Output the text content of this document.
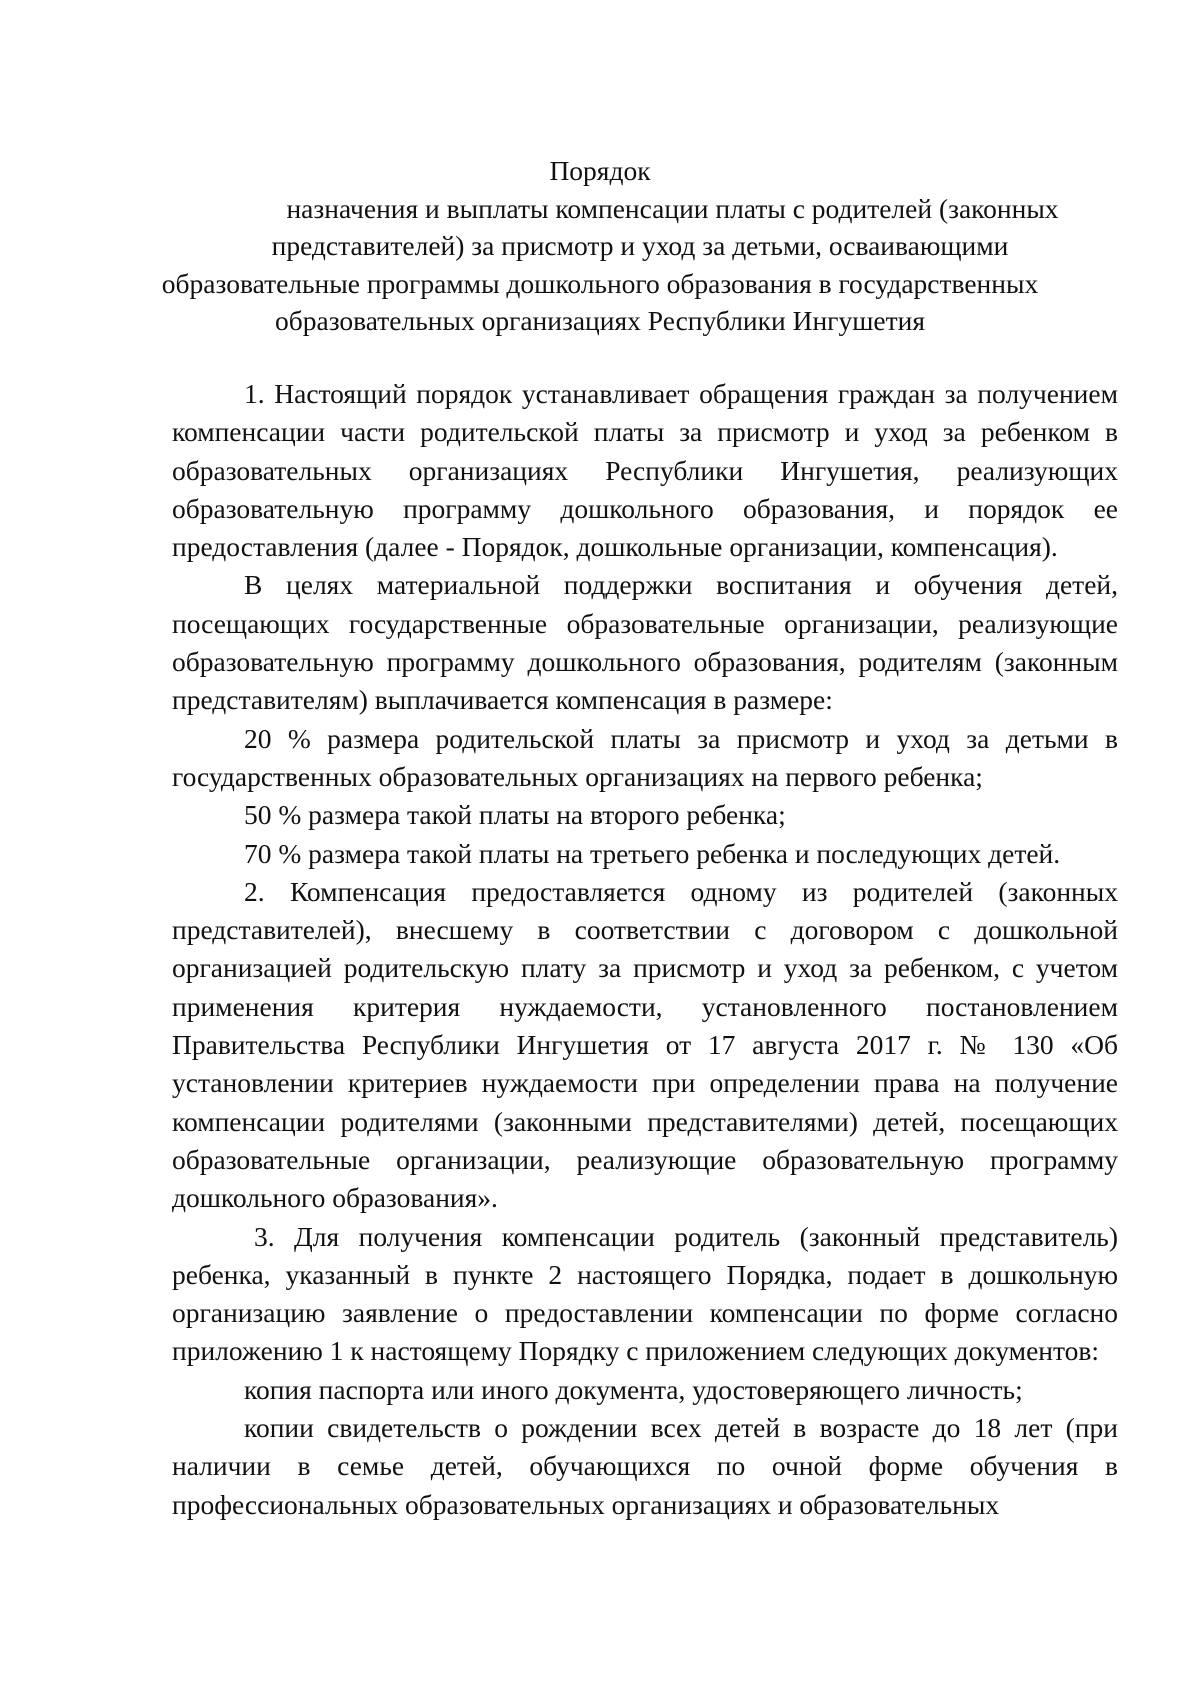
Порядок
назначения и выплаты компенсации платы с родителей (законных
представителей) за присмотр и уход за детьми, осваивающими
образовательные программы дошкольного образования в государственных
образовательных организациях Республики Ингушетия

1. Настоящий порядок устанавливает обращения граждан за получением компенсации части родительской платы за присмотр и уход за ребенком в образовательных организациях Республики Ингушетия, реализующих образовательную программу дошкольного образования, и порядок ее предоставления (далее - Порядок, дошкольные организации, компенсация).

В целях материальной поддержки воспитания и обучения детей, посещающих государственные образовательные организации, реализующие образовательную программу дошкольного образования, родителям (законным представителям) выплачивается компенсация в размере:

20 % размера родительской платы за присмотр и уход за детьми в государственных образовательных организациях на первого ребенка;

50 % размера такой платы на второго ребенка;

70 % размера такой платы на третьего ребенка и последующих детей.

2. Компенсация предоставляется одному из родителей (законных представителей), внесшему в соответствии с договором с дошкольной организацией родительскую плату за присмотр и уход за ребенком, с учетом применения критерия нуждаемости, установленного постановлением Правительства Республики Ингушетия от 17 августа 2017 г. № 130 «Об установлении критериев нуждаемости при определении права на получение компенсации родителями (законными представителями) детей, посещающих образовательные организации, реализующие образовательную программу дошкольного образования».

3. Для получения компенсации родитель (законный представитель) ребенка, указанный в пункте 2 настоящего Порядка, подает в дошкольную организацию заявление о предоставлении компенсации по форме согласно приложению 1 к настоящему Порядку с приложением следующих документов:

копия паспорта или иного документа, удостоверяющего личность;

копии свидетельств о рождении всех детей в возрасте до 18 лет (при наличии в семье детей, обучающихся по очной форме обучения в профессиональных образовательных организациях и образовательных
